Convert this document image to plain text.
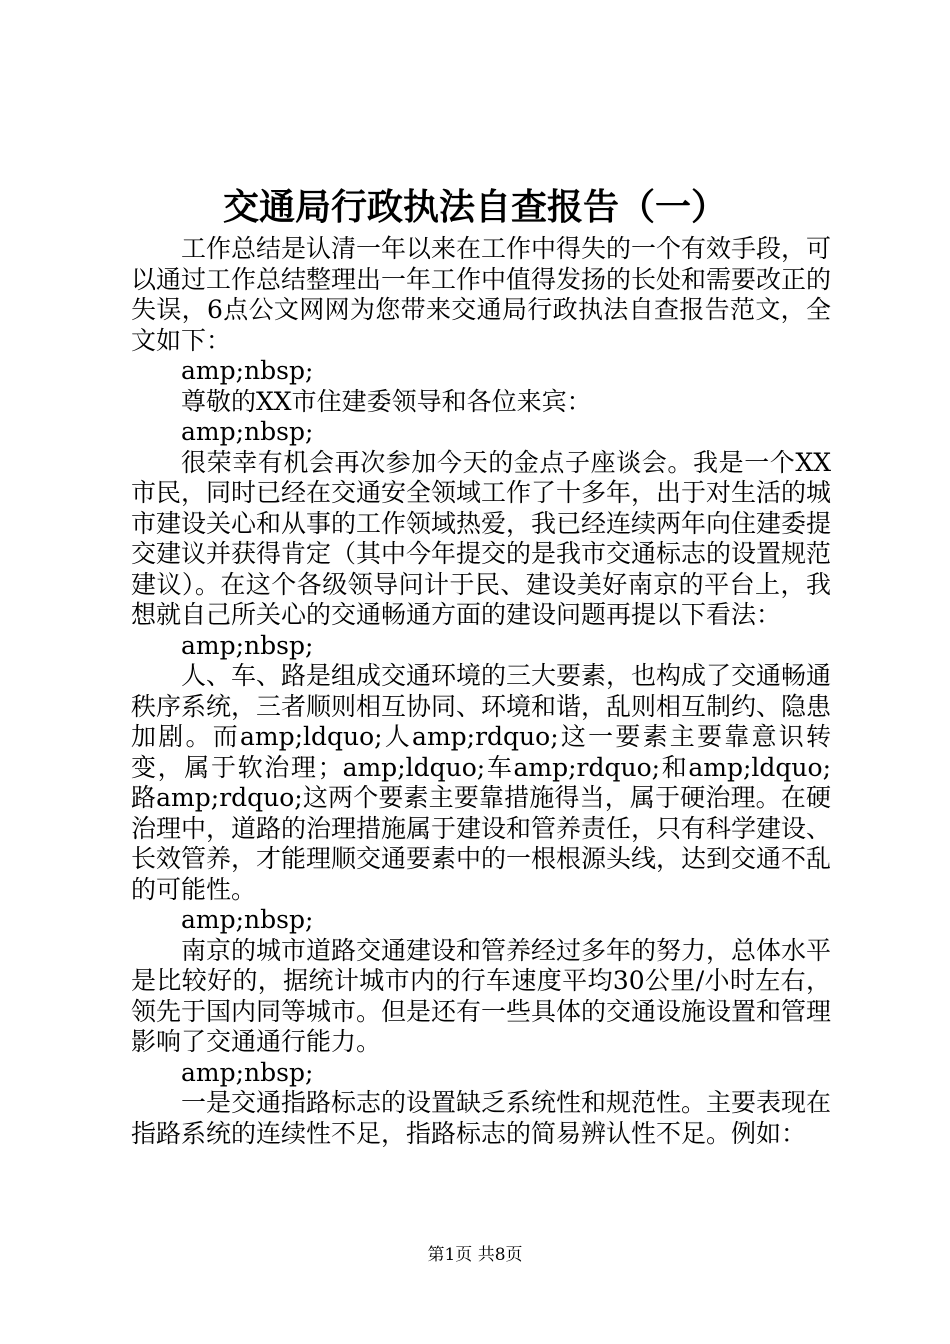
交通局行政执法自查报告（一）

工作总结是认清一年以来在工作中得失的一个有效手段，可以通过工作总结整理出一年工作中值得发扬的长处和需要改正的失误，6点公文网网为您带来交通局行政执法自查报告范文，全文如下：

amp;nbsp;

尊敬的XX市住建委领导和各位来宾：

amp;nbsp;

很荣幸有机会再次参加今天的金点子座谈会。我是一个XX市民，同时已经在交通安全领域工作了十多年，出于对生活的城市建设关心和从事的工作领域热爱，我已经连续两年向住建委提交建议并获得肯定（其中今年提交的是我市交通标志的设置规范建议）。在这个各级领导问计于民、建设美好南京的平台上，我想就自己所关心的交通畅通方面的建设问题再提以下看法：

amp;nbsp;

人、车、路是组成交通环境的三大要素，也构成了交通畅通秩序系统，三者顺则相互协同、环境和谐，乱则相互制约、隐患加剧。而amp;ldquo;人amp;rdquo;这一要素主要靠意识转变，属于软治理；amp;ldquo;车amp;rdquo;和amp;ldquo;路amp;rdquo;这两个要素主要靠措施得当，属于硬治理。在硬治理中，道路的治理措施属于建设和管养责任，只有科学建设、长效管养，才能理顺交通要素中的一根根源头线，达到交通不乱的可能性。

amp;nbsp;

南京的城市道路交通建设和管养经过多年的努力，总体水平是比较好的，据统计城市内的行车速度平均30公里/小时左右，领先于国内同等城市。但是还有一些具体的交通设施设置和管理影响了交通通行能力。

amp;nbsp;

一是交通指路标志的设置缺乏系统性和规范性。主要表现在指路系统的连续性不足，指路标志的简易辨认性不足。例如：

第1页 共8页
